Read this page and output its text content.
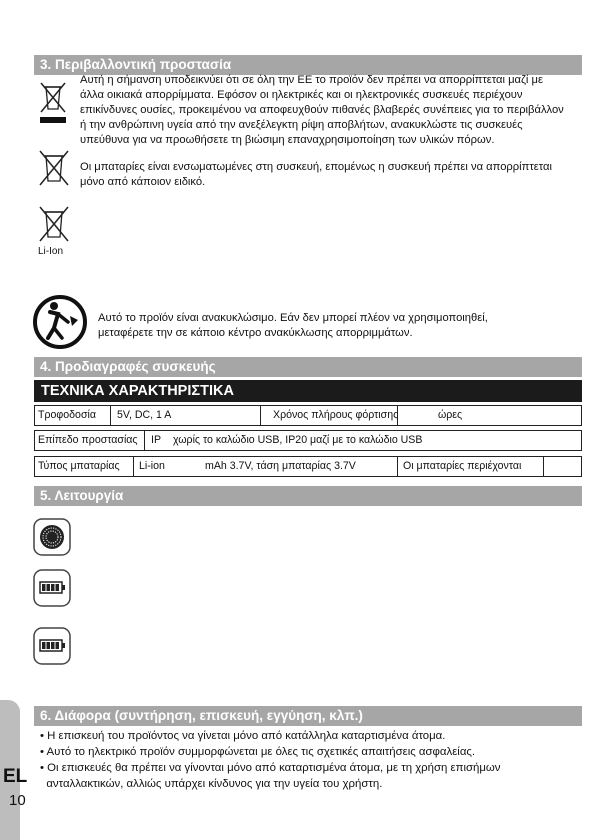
EL
10
3. Περιβαλλοντική προστασία
Αυτή η σήμανση υποδεικνύει ότι σε όλη την ΕΕ το προϊόν δεν πρέπει να απορρίπτεται μαζί με
άλλα οικιακά απορρίμματα. Εφόσον οι ηλεκτρικές και οι ηλεκτρονικές συσκευές περιέχουν
επικίνδυνες ουσίες, προκειμένου να αποφευχθούν πιθανές βλαβερές συνέπειες για το περιβάλλον
ή την ανθρώπινη υγεία από την ανεξέλεγκτη ρίψη αποβλήτων, ανακυκλώστε τις συσκευές
υπεύθυνα για να προωθήσετε τη βιώσιμη επαναχρησιμοποίηση των υλικών πόρων.
Οι μπαταρίες είναι ενσωματωμένες στη συσκευή, επομένως η συσκευή πρέπει να απορρίπτεται
μόνο από κάποιον ειδικό.
Li-Ion
Αυτό το προϊόν είναι ανακυκλώσιμο. Εάν δεν μπορεί πλέον να χρησιμοποιηθεί,
μεταφέρετε την σε κάποιο κέντρο ανακύκλωσης απορριμμάτων.
4. Προδιαγραφές συσκευής
ΤΕΧΝΙΚΑ ΧΑΡΑΚΤΗΡΙΣΤΙΚΑ
Τροφοδοσία 5V, DC, 1 A	Χρόνος πλήρους φόρτισης	ώρες
Επίπεδο προστασίας IP χωρίς το καλώδιο USB, IP20 μαζί με το καλώδιο USB
Τύπος μπαταρίας Li-ion	mAh 3.7V, τάση μπαταρίας 3.7V	Οι μπαταρίες περιέχονται
5. Λειτουργία
6. Διάφορα (συντήρηση, επισκευή, εγγύηση, κλπ.)
• Η επισκευή του προϊόντος να γίνεται μόνο από κατάλληλα καταρτισμένα άτομα.
• Αυτό το ηλεκτρικό προϊόν συμμορφώνεται με όλες τις σχετικές απαιτήσεις ασφαλείας.
• Οι επισκευές θα πρέπει να γίνονται μόνο από καταρτισμένα άτομα, με τη χρήση επισήμων
ανταλλακτικών, αλλιώς υπάρχει κίνδυνος για την υγεία του χρήστη.
